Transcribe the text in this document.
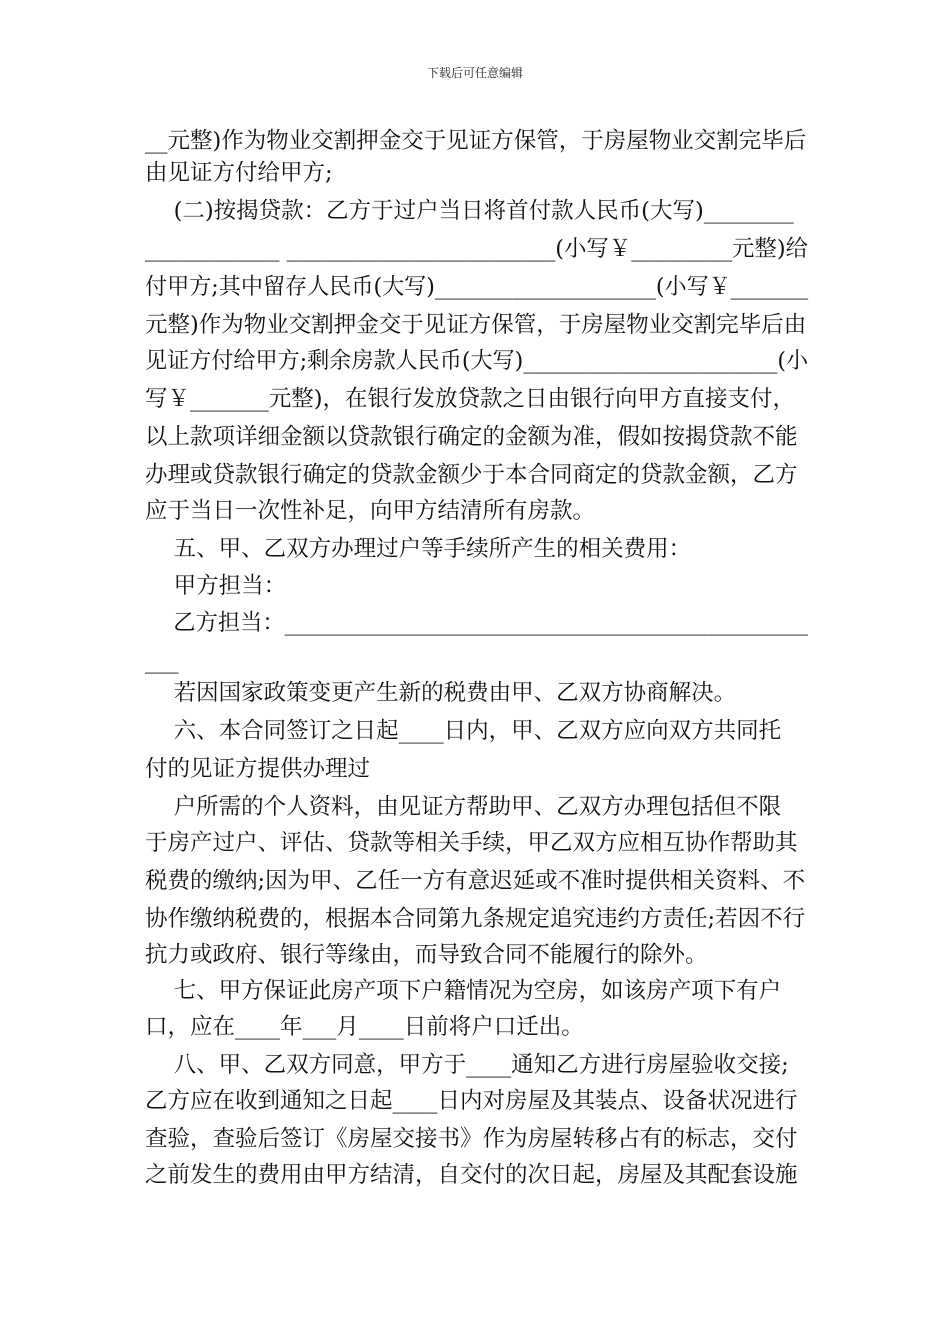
下载后可任意编辑
__元整)作为物业交割押金交于见证方保管，于房屋物业交割完毕后
由见证方付给甲方;
(二)按揭贷款：乙方于过户当日将首付款人民币(大写)________
____________ ________________________(小写￥_________元整)给
付甲方;其中留存人民币(大写)____________________(小写￥_______
元整)作为物业交割押金交于见证方保管，于房屋物业交割完毕后由
见证方付给甲方;剩余房款人民币(大写)_______________________(小
写￥_______元整)，在银行发放贷款之日由银行向甲方直接支付，
以上款项详细金额以贷款银行确定的金额为准，假如按揭贷款不能
办理或贷款银行确定的贷款金额少于本合同商定的贷款金额，乙方
应于当日一次性补足，向甲方结清所有房款。
五、甲、乙双方办理过户等手续所产生的相关费用：
甲方担当：
乙方担当：_______________________________________________
___
若因国家政策变更产生新的税费由甲、乙双方协商解决。
六、本合同签订之日起____日内，甲、乙双方应向双方共同托
付的见证方提供办理过
户所需的个人资料，由见证方帮助甲、乙双方办理包括但不限
于房产过户、评估、贷款等相关手续，甲乙双方应相互协作帮助其
税费的缴纳;因为甲、乙任一方有意迟延或不准时提供相关资料、不
协作缴纳税费的，根据本合同第九条规定追究违约方责任;若因不行
抗力或政府、银行等缘由，而导致合同不能履行的除外。
七、甲方保证此房产项下户籍情况为空房，如该房产项下有户
口，应在____年___月____日前将户口迁出。
八、甲、乙双方同意，甲方于____通知乙方进行房屋验收交接;
乙方应在收到通知之日起____日内对房屋及其装点、设备状况进行
查验，查验后签订《房屋交接书》作为房屋转移占有的标志，交付
之前发生的费用由甲方结清，自交付的次日起，房屋及其配套设施
